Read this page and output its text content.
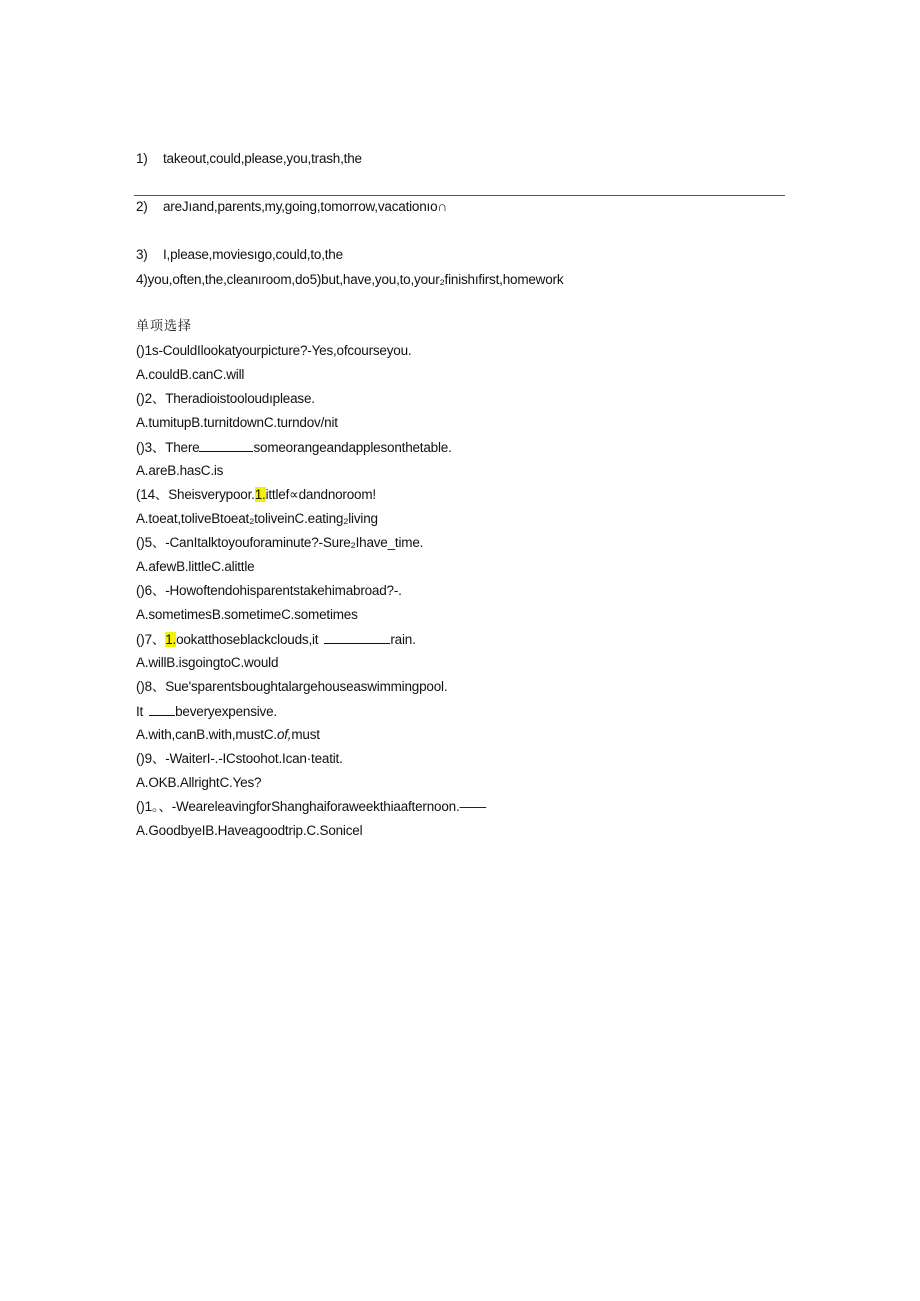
1) takeout,could,please,you,trash,the
2) areJıand,parents,my,going,tomorrow,vacationıo∩
3) I,please,moviesıgo,could,to,the
4)you,often,the,cleanıroom,do5)but,have,you,to,your₂finishıfirst,homework
单项选择
()1s-CouldIlookatyourpicture?-Yes,ofcourseyou.
A.couldB.canC.will
()2、Theradioistooloudıplease.
A.tumitupB.turnitdownC.turndov/nit
()3、There	someorangeandapplesonthetable.
A.areB.hasC.is
(14、Sheisverypoor.1.ittlef∝dandnoroom!
A.toeat,toliveBtoeat₂toliveinC.eating₂living
()5、-CanItalktoyouforaminute?-Sure₂Ihave_time.
A.afewB.littleC.alittle
()6、-Howoftendohisparentstakehimabroad?-.
A.sometimesB.sometimeC.sometimes
()7、1.ookatthoseblackclouds,it	rain.
A.willB.isgoingtoC.would
()8、Sue'sparentsboughtalargehouseaswimmingpool.
It beveryexpensive.
A.with,canB.with,mustC.of,must
()9、-WaiterI-.-ICstoohot.Ican·teatit.
A.OKB.AllrightC.Yes?
()1。、-WeareleavingforShanghaiforaweekthiaafternoon.——
A.GoodbyeIB.Haveagoodtrip.C.Sonicel
